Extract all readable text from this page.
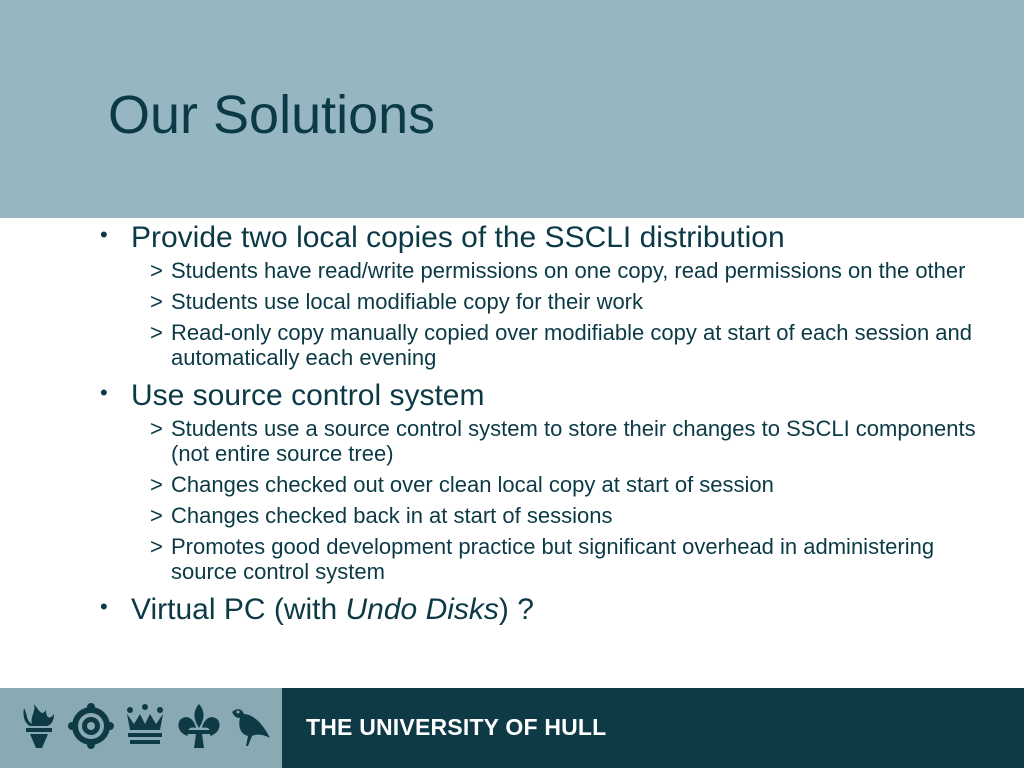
Our Solutions
• Provide two local copies of the SSCLI distribution
> Students have read/write permissions on one copy, read permissions on the other
> Students use local modifiable copy for their work
> Read-only copy manually copied over modifiable copy at start of each session and automatically each evening
• Use source control system
> Students use a source control system to store their changes to SSCLI components (not entire source tree)
> Changes checked out over clean local copy at start of session
> Changes checked back in at start of sessions
> Promotes good development practice but significant overhead in administering source control system
• Virtual PC (with Undo Disks) ?
THE UNIVERSITY OF HULL
